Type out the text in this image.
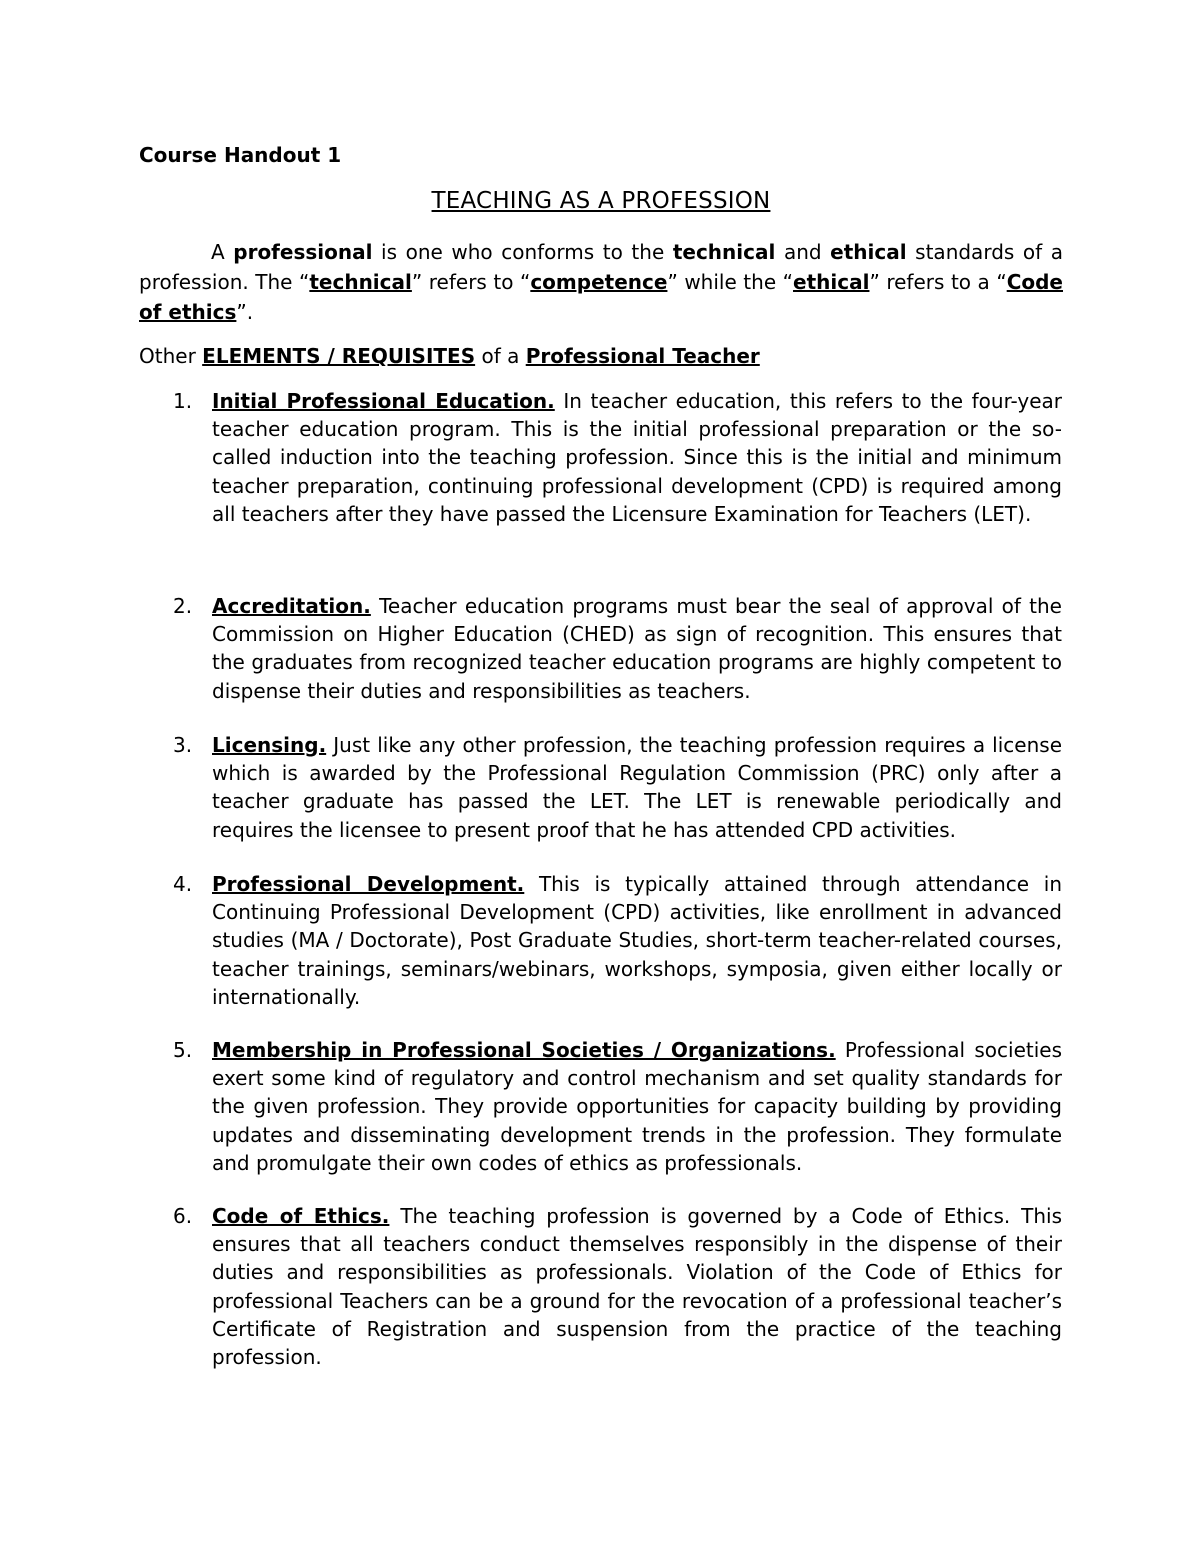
Course Handout 1
TEACHING AS A PROFESSION

A professional is one who conforms to the technical and ethical standards of a profession. The “technical” refers to “competence” while the “ethical” refers to a “Code of ethics”.

Other ELEMENTS / REQUISITES of a Professional Teacher

1. Initial Professional Education. In teacher education, this refers to the four-year teacher education program. This is the initial professional preparation or the so-called induction into the teaching profession. Since this is the initial and minimum teacher preparation, continuing professional development (CPD) is required among all teachers after they have passed the Licensure Examination for Teachers (LET).

2. Accreditation. Teacher education programs must bear the seal of approval of the Commission on Higher Education (CHED) as sign of recognition. This ensures that the graduates from recognized teacher education programs are highly competent to dispense their duties and responsibilities as teachers.

3. Licensing. Just like any other profession, the teaching profession requires a license which is awarded by the Professional Regulation Commission (PRC) only after a teacher graduate has passed the LET. The LET is renewable periodically and requires the licensee to present proof that he has attended CPD activities.

4. Professional Development. This is typically attained through attendance in Continuing Professional Development (CPD) activities, like enrollment in advanced studies (MA / Doctorate), Post Graduate Studies, short-term teacher-related courses, teacher trainings, seminars/webinars, workshops, symposia, given either locally or internationally.

5. Membership in Professional Societies / Organizations. Professional societies exert some kind of regulatory and control mechanism and set quality standards for the given profession. They provide opportunities for capacity building by providing updates and disseminating development trends in the profession. They formulate and promulgate their own codes of ethics as professionals.

6. Code of Ethics. The teaching profession is governed by a Code of Ethics. This ensures that all teachers conduct themselves responsibly in the dispense of their duties and responsibilities as professionals. Violation of the Code of Ethics for professional Teachers can be a ground for the revocation of a professional teacher’s Certificate of Registration and suspension from the practice of the teaching profession.
